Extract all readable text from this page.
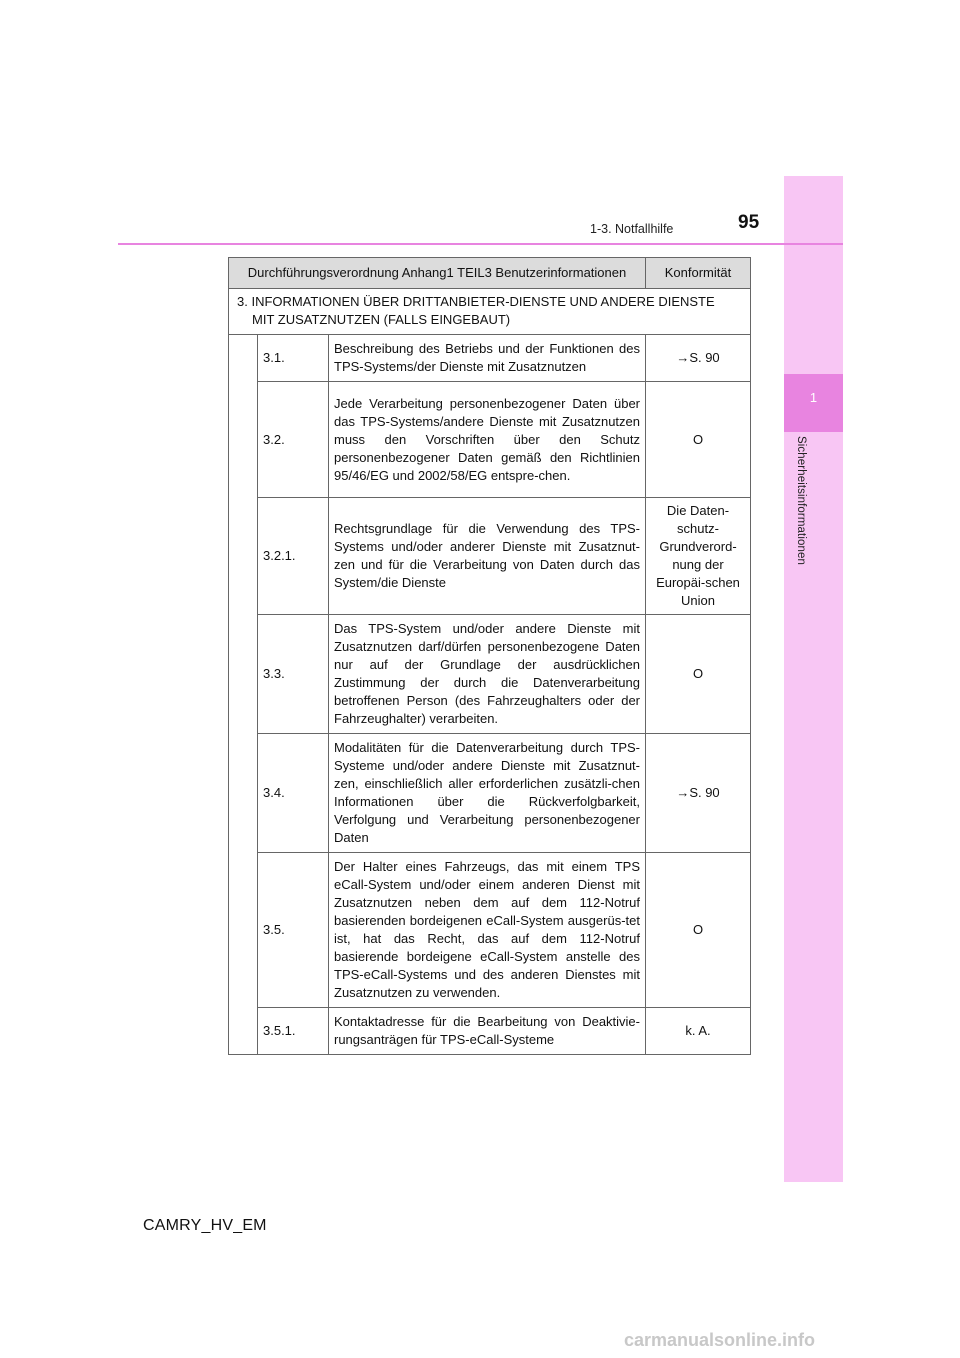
1
Sicherheitsinformationen
1-3. Notfallhilfe	95
Durchführungsverordnung Anhang1 TEIL3 Benutzerinformationen			Konformität
3. INFORMATIONEN ÜBER DRITTANBIETER-DIENSTE UND ANDERE DIENSTE
MIT ZUSATZNUTZEN (FALLS EINGEBAUT)			

	3.1.	Beschreibung des Betriebs und der Funktionen des TPS-Systems/der Dienste mit Zusatznutzen	→S. 90
	3.2.	Jede Verarbeitung personenbezogener Daten über das TPS-Systems/andere Dienste mit Zusatznutzen muss den Vorschriften über den Schutz personenbezogener Daten gemäß den Richtlinien 95/46/EG und 2002/58/EG entspre-chen.	O
	3.2.1.	Rechtsgrundlage für die Verwendung des TPS-Systems und/oder anderer Dienste mit Zusatznut-zen und für die Verarbeitung von Daten durch das System/die Dienste	Die Daten-schutz-Grundverord-nung der Europäi-schen Union
	3.3.	Das TPS-System und/oder andere Dienste mit Zusatznutzen darf/dürfen personenbezogene Daten nur auf der Grundlage der ausdrücklichen Zustimmung der durch die Datenverarbeitung betroffenen Person (des Fahrzeughalters oder der Fahrzeughalter) verarbeiten.	O
	3.4.	Modalitäten für die Datenverarbeitung durch TPS-Systeme und/oder andere Dienste mit Zusatznut-zen, einschließlich aller erforderlichen zusätzli-chen Informationen über die Rückverfolgbarkeit, Verfolgung und Verarbeitung personenbezogener Daten	→S. 90
	3.5.	Der Halter eines Fahrzeugs, das mit einem TPS eCall-System und/oder einem anderen Dienst mit Zusatznutzen neben dem auf dem 112-Notruf basierenden bordeigenen eCall-System ausgerüs-tet ist, hat das Recht, das auf dem 112-Notruf basierende bordeigene eCall-System anstelle des TPS-eCall-Systems und des anderen Dienstes mit Zusatznutzen zu verwenden.	O
	3.5.1.	Kontaktadresse für die Bearbeitung von Deaktivie-rungsanträgen für TPS-eCall-Systeme	k. A.
CAMRY_HV_EM
carmanualsonline.info
